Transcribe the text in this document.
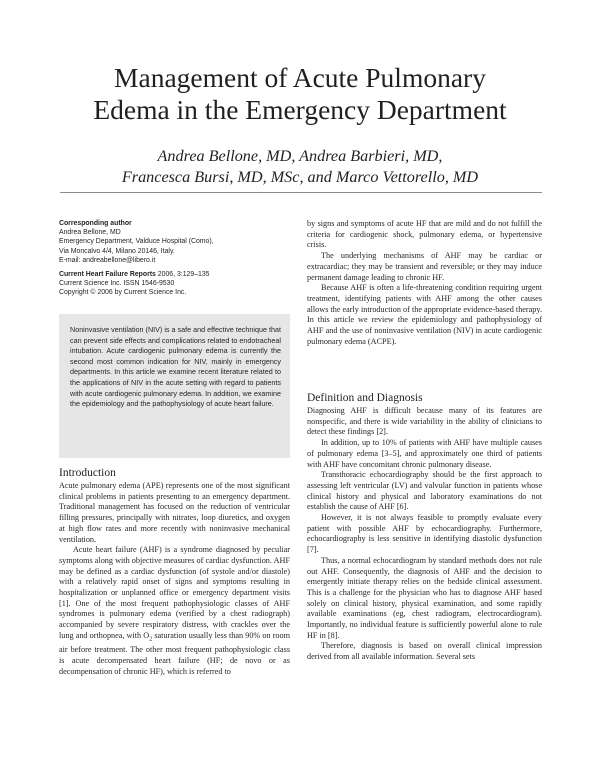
Management of Acute Pulmonary
Edema in the Emergency Department
Andrea Bellone, MD, Andrea Barbieri, MD,
Francesca Bursi, MD, MSc, and Marco Vettorello, MD

Corresponding author

Andrea Bellone, MD

Emergency Department, Valduce Hospital (Como),

Via Moncalvo 4/4, Milano 20146, Italy.

E-mail: andreabellone@libero.it

Current Heart Failure Reports 2006, 3:129–135

Current Science Inc. ISSN 1546-9530

Copyright © 2006 by Current Science Inc.

Noninvasive ventilation (NIV) is a safe and effective technique that can prevent side effects and complications related to endotracheal intubation. Acute cardiogenic pulmonary edema is currently the second most common indication for NIV, mainly in emergency departments. In this article we examine recent literature related to the applications of NIV in the acute setting with regard to patients with acute cardiogenic pulmonary edema. In addition, we examine the epidemiology and the pathophysiology of acute heart failure.

Introduction

Acute pulmonary edema (APE) represents one of the most significant clinical problems in patients presenting to an emergency department. Traditional management has focused on the reduction of ventricular filling pressures, principally with nitrates, loop diuretics, and oxygen at high flow rates and more recently with noninvasive mechanical ventilation.

Acute heart failure (AHF) is a syndrome diagnosed by peculiar symptoms along with objective measures of cardiac dysfunction. AHF may be defined as a cardiac dysfunction (of systole and/or diastole) with a relatively rapid onset of signs and symptoms resulting in hospitalization or unplanned office or emergency department visits [1]. One of the most frequent pathophysiologic classes of AHF syndromes is pulmonary edema (verified by a chest radiograph) accompanied by severe respiratory distress, with crackles over the lung and orthopnea, with $O_2$ saturation usually less than 90% on room air before treatment. The other most frequent pathophysiologic class is acute decompensated heart failure (HF; de novo or as decompensation of chronic HF), which is referred to

by signs and symptoms of acute HF that are mild and do not fulfill the criteria for cardiogenic shock, pulmonary edema, or hypertensive crisis.

The underlying mechanisms of AHF may be cardiac or extracardiac; they may be transient and reversible; or they may induce permanent damage leading to chronic HF.

Because AHF is often a life-threatening condition requiring urgent treatment, identifying patients with AHF among the other causes allows the early introduction of the appropriate evidence-based therapy. In this article we review the epidemiology and pathophysiology of AHF and the use of noninvasive ventilation (NIV) in acute cardiogenic pulmonary edema (ACPE).

Definition and Diagnosis

Diagnosing AHF is difficult because many of its features are nonspecific, and there is wide variability in the ability of clinicians to detect these findings [2].

In addition, up to 10% of patients with AHF have multiple causes of pulmonary edema [3–5], and approximately one third of patients with AHF have concomitant chronic pulmonary disease.

Transthoracic echocardiography should be the first approach to assessing left ventricular (LV) and valvular function in patients whose clinical history and physical and laboratory examinations do not establish the cause of AHF [6].

However, it is not always feasible to promptly evaluate every patient with possible AHF by echocardiography. Furthermore, echocardiography is less sensitive in identifying diastolic dysfunction [7].

Thus, a normal echocardiogram by standard methods does not rule out AHF. Consequently, the diagnosis of AHF and the decision to emergently initiate therapy relies on the bedside clinical assessment. This is a challenge for the physician who has to diagnose AHF based solely on clinical history, physical examination, and some rapidly available examinations (eg, chest radiogram, electrocardiogram). Importantly, no individual feature is sufficiently powerful alone to rule HF in [8].

Therefore, diagnosis is based on overall clinical impression derived from all available information. Several sets
